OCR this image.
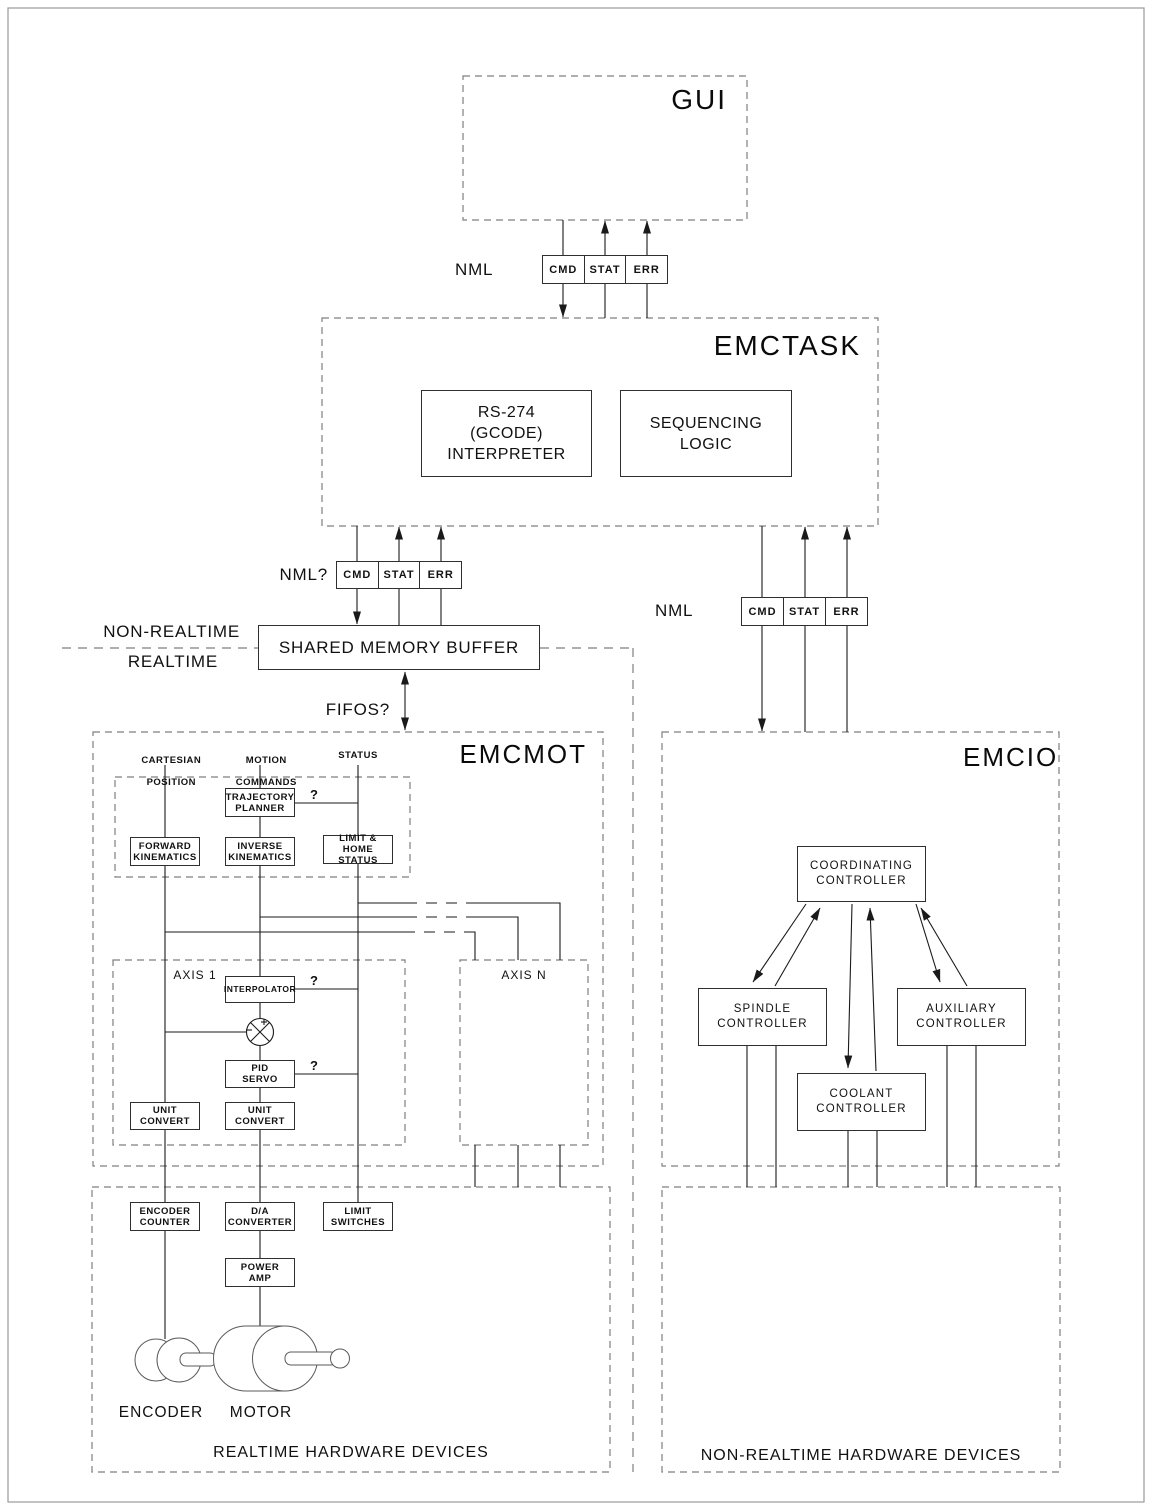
GUI
EMCTASK
EMCMOT	EMCIO
NML
NML?
NML
NON-REALTIME
REALTIME
FIFOS?
CMD	STAT	ERR
CMD	STAT	ERR
CMD	STAT	ERR
RS-274
(GCODE)
INTERPRETER
SEQUENCING
LOGIC
SHARED MEMORY BUFFER

CARTESIAN

POSITION

MOTION

COMMANDS

STATUS
TRAJECTORY
PLANNER
FORWARD
KINEMATICS
INVERSE
KINEMATICS
LIMIT & HOME
STATUS
INTERPOLATOR
PID
SERVO
UNIT
CONVERT
UNIT
CONVERT
AXIS 1	AXIS N
?
?
?
COORDINATING
CONTROLLER
SPINDLE
CONTROLLER
AUXILIARY
CONTROLLER
COOLANT
CONTROLLER
ENCODER
COUNTER
D/A
CONVERTER
LIMIT
SWITCHES
POWER
AMP
ENCODER MOTOR
REALTIME HARDWARE DEVICES	NON-REALTIME HARDWARE DEVICES
